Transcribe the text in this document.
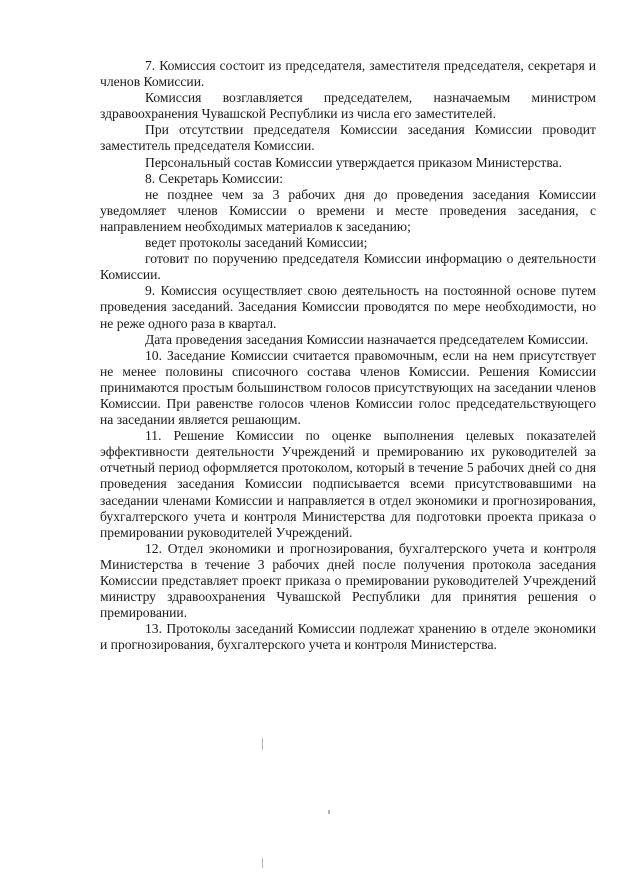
7. Комиссия состоит из председателя, заместителя председателя, секретаря и членов Комиссии.

Комиссия возглавляется председателем, назначаемым министром здравоохранения Чувашской Республики из числа его заместителей.

При отсутствии председателя Комиссии заседания Комиссии проводит заместитель председателя Комиссии.

Персональный состав Комиссии утверждается приказом Министерства.

8. Секретарь Комиссии:

не позднее чем за 3 рабочих дня до проведения заседания Комиссии уведомляет членов Комиссии о времени и месте проведения заседания, с направлением необходимых материалов к заседанию;

ведет протоколы заседаний Комиссии;

готовит по поручению председателя Комиссии информацию о деятельности Комиссии.

9. Комиссия осуществляет свою деятельность на постоянной основе путем проведения заседаний. Заседания Комиссии проводятся по мере необходимости, но не реже одного раза в квартал.

Дата проведения заседания Комиссии назначается председателем Комиссии.

10. Заседание Комиссии считается правомочным, если на нем присутствует не менее половины списочного состава членов Комиссии. Решения Комиссии принимаются простым большинством голосов присутствующих на заседании членов Комиссии. При равенстве голосов членов Комиссии голос председательствующего на заседании является решающим.

11. Решение Комиссии по оценке выполнения целевых показателей эффективности деятельности Учреждений и премированию их руководителей за отчетный период оформляется протоколом, который в течение 5 рабочих дней со дня проведения заседания Комиссии подписывается всеми присутствовавшими на заседании членами Комиссии и направляется в отдел экономики и прогнозирования, бухгалтерского учета и контроля Министерства для подготовки проекта приказа о премировании руководителей Учреждений.

12. Отдел экономики и прогнозирования, бухгалтерского учета и контроля Министерства в течение 3 рабочих дней после получения протокола заседания Комиссии представляет проект приказа о премировании руководителей Учреждений министру здравоохранения Чувашской Республики для принятия решения о премировании.

13. Протоколы заседаний Комиссии подлежат хранению в отделе экономики и прогнозирования, бухгалтерского учета и контроля Министерства.
